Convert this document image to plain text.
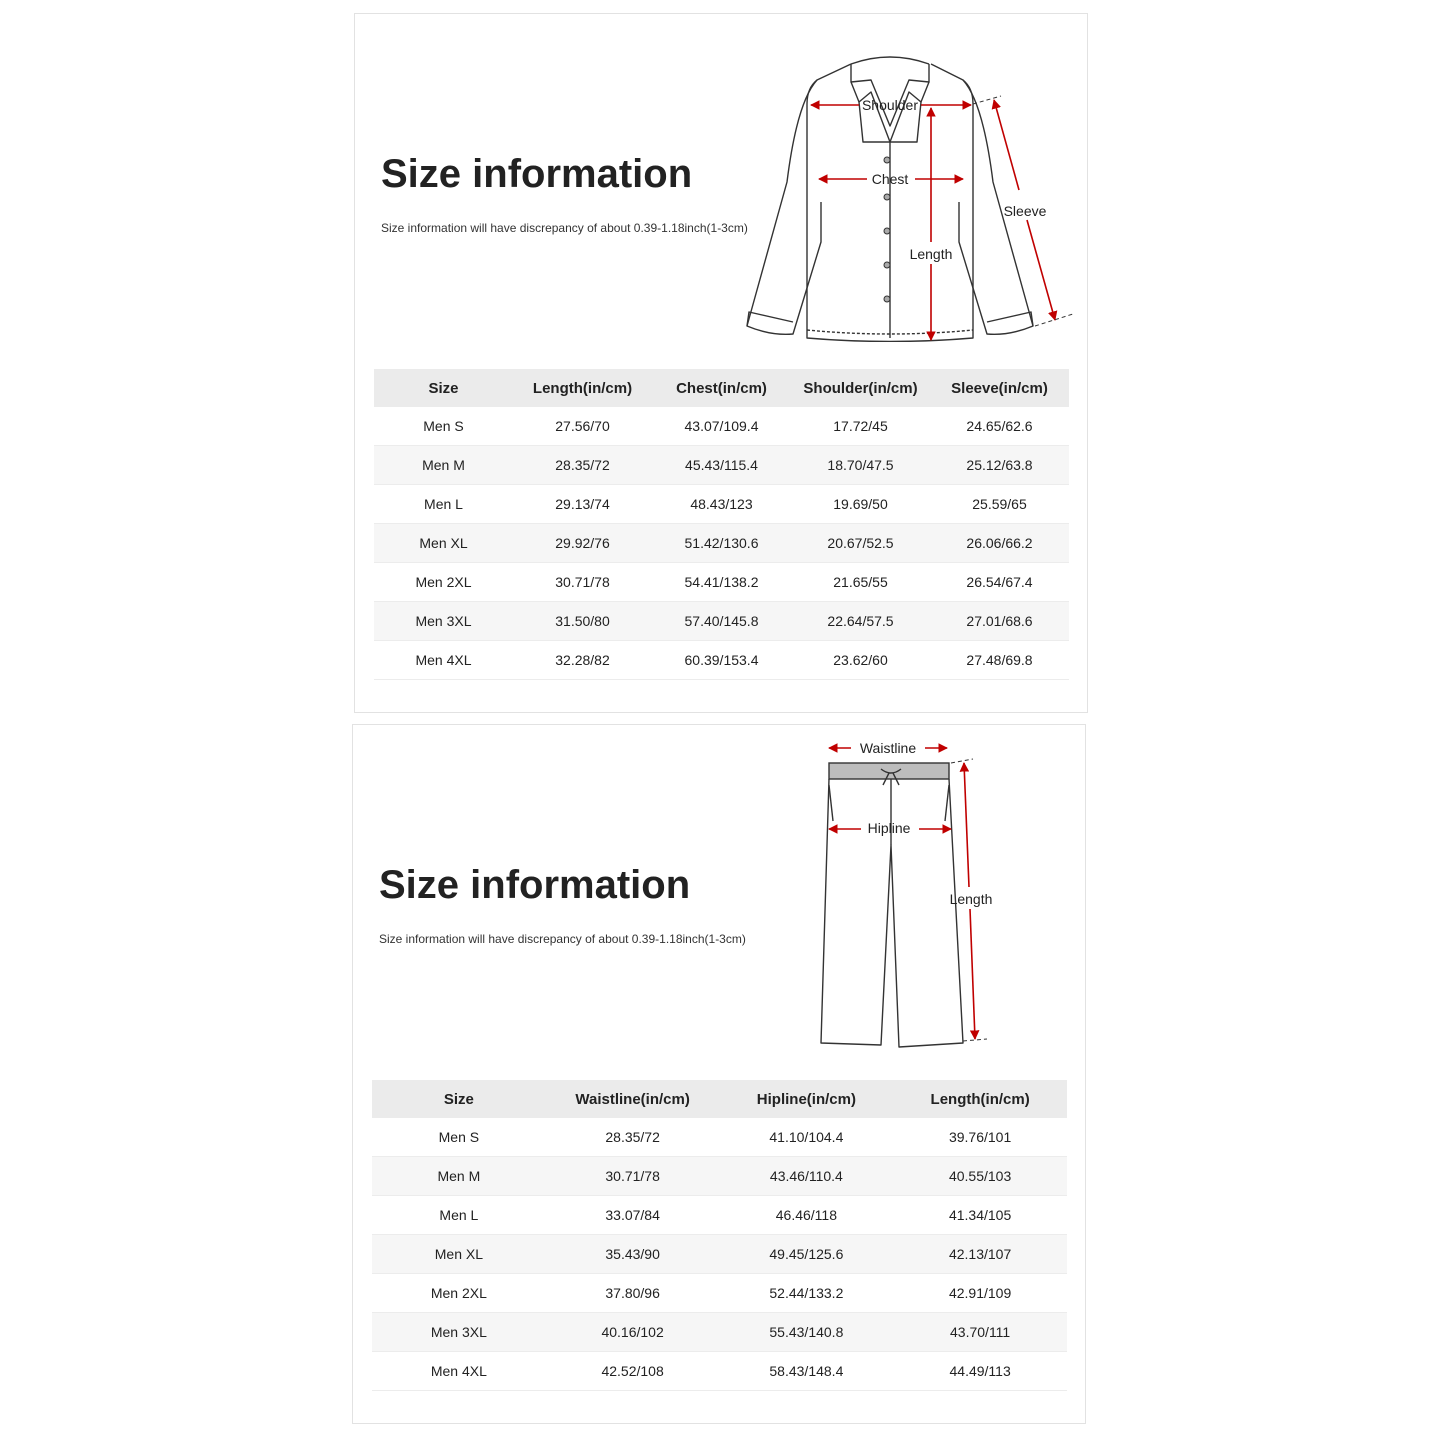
Size information
Size information will have discrepancy of about 0.39-1.18inch(1-3cm)
Shoulder
Chest
Length
Sleeve
Size	Length(in/cm)	Chest(in/cm)	Shoulder(in/cm)	Sleeve(in/cm)
Men S	27.56/70	43.07/109.4	17.72/45	24.65/62.6
Men M	28.35/72	45.43/115.4	18.70/47.5	25.12/63.8
Men L	29.13/74	48.43/123	19.69/50	25.59/65
Men XL	29.92/76	51.42/130.6	20.67/52.5	26.06/66.2
Men 2XL	30.71/78	54.41/138.2	21.65/55	26.54/67.4
Men 3XL	31.50/80	57.40/145.8	22.64/57.5	27.01/68.6
Men 4XL	32.28/82	60.39/153.4	23.62/60	27.48/69.8
Size information
Size information will have discrepancy of about 0.39-1.18inch(1-3cm)
Waistline
Hipline
Length
Size	Waistline(in/cm)	Hipline(in/cm)	Length(in/cm)
Men S	28.35/72	41.10/104.4	39.76/101
Men M	30.71/78	43.46/110.4	40.55/103
Men L	33.07/84	46.46/118	41.34/105
Men XL	35.43/90	49.45/125.6	42.13/107
Men 2XL	37.80/96	52.44/133.2	42.91/109
Men 3XL	40.16/102	55.43/140.8	43.70/111
Men 4XL	42.52/108	58.43/148.4	44.49/113
